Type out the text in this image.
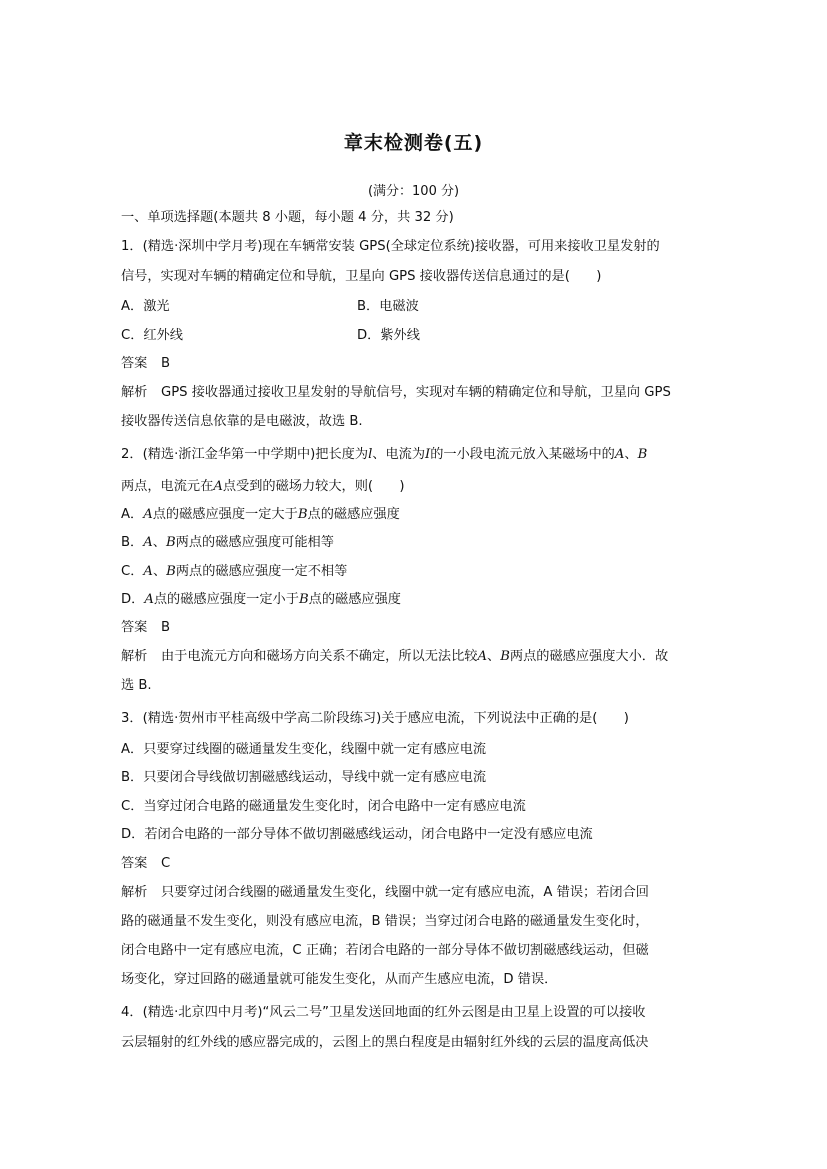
章末检测卷(五)
(满分：100 分)
一、单项选择题(本题共 8 小题，每小题 4 分，共 32 分)
1．(精选·深圳中学月考)现在车辆常安装 GPS(全球定位系统)接收器，可用来接收卫星发射的
信号，实现对车辆的精确定位和导航，卫星向 GPS 接收器传送信息通过的是(　　)
A．激光	B．电磁波
C．红外线	D．紫外线
答案 B
解析 GPS 接收器通过接收卫星发射的导航信号，实现对车辆的精确定位和导航，卫星向 GPS
接收器传送信息依靠的是电磁波，故选 B.
2．(精选·浙江金华第一中学期中)把长度为l、电流为I的一小段电流元放入某磁场中的A、B
两点，电流元在A点受到的磁场力较大，则(　　)
A．A点的磁感应强度一定大于B点的磁感应强度
B．A、B两点的磁感应强度可能相等
C．A、B两点的磁感应强度一定不相等
D．A点的磁感应强度一定小于B点的磁感应强度
答案 B
解析 由于电流元方向和磁场方向关系不确定，所以无法比较A、B两点的磁感应强度大小．故
选 B.
3．(精选·贺州市平桂高级中学高二阶段练习)关于感应电流，下列说法中正确的是(　　)
A．只要穿过线圈的磁通量发生变化，线圈中就一定有感应电流
B．只要闭合导线做切割磁感线运动，导线中就一定有感应电流
C．当穿过闭合电路的磁通量发生变化时，闭合电路中一定有感应电流
D．若闭合电路的一部分导体不做切割磁感线运动，闭合电路中一定没有感应电流
答案 C
解析 只要穿过闭合线圈的磁通量发生变化，线圈中就一定有感应电流，A 错误；若闭合回
路的磁通量不发生变化，则没有感应电流，B 错误；当穿过闭合电路的磁通量发生变化时，
闭合电路中一定有感应电流，C 正确；若闭合电路的一部分导体不做切割磁感线运动，但磁
场变化，穿过回路的磁通量就可能发生变化，从而产生感应电流，D 错误．
4．(精选·北京四中月考)“风云二号”卫星发送回地面的红外云图是由卫星上设置的可以接收
云层辐射的红外线的感应器完成的，云图上的黑白程度是由辐射红外线的云层的温度高低决
